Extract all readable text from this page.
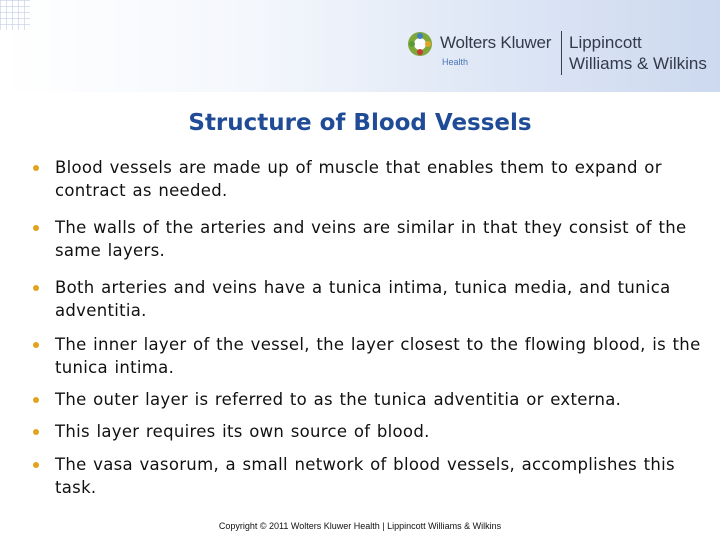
Wolters Kluwer
Health
Lippincott
Williams & Wilkins
Structure of Blood Vessels
Blood vessels are made up of muscle that enables them to expand or contract as needed.
The walls of the arteries and veins are similar in that they consist of the same layers.
Both arteries and veins have a tunica intima, tunica media, and tunica adventitia.
The inner layer of the vessel, the layer closest to the flowing blood, is the tunica intima.
The outer layer is referred to as the tunica adventitia or externa.
This layer requires its own source of blood.
The vasa vasorum, a small network of blood vessels, accomplishes this task.
Copyright © 2011 Wolters Kluwer Health | Lippincott Williams & Wilkins
